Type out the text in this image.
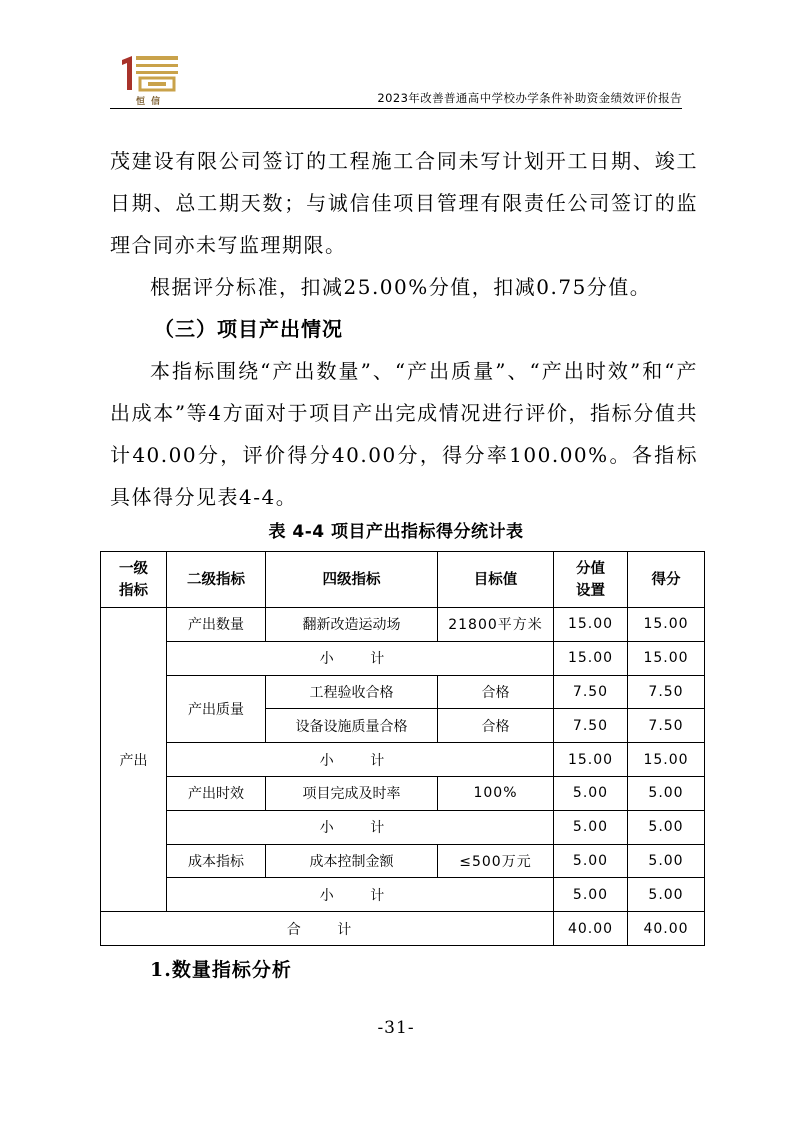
恒信	2023年改善普通高中学校办学条件补助资金绩效评价报告

茂建设有限公司签订的工程施工合同未写计划开工日期、竣工日期、总工期天数；与诚信佳项目管理有限责任公司签订的监理合同亦未写监理期限。

根据评分标准，扣减25.00%分值，扣减0.75分值。

（三）项目产出情况

本指标围绕“产出数量”、“产出质量”、“产出时效”和“产出成本”等4方面对于项目产出完成情况进行评价，指标分值共计40.00分，评价得分40.00分，得分率100.00%。各指标具体得分见表4-4。

表 4-4 项目产出指标得分统计表
一级指标	二级指标	四级指标	目标值	分值设置	得分
产出	产出数量	翻新改造运动场	21800平方米	15.00	15.00
	小 计			15.00	15.00
	产出质量	工程验收合格	合格	7.50	7.50
		设备设施质量合格	合格	7.50	7.50
	小 计			15.00	15.00
	产出时效	项目完成及时率	100%	5.00	5.00
	小 计			5.00	5.00
	成本指标	成本控制金额	≤500万元	5.00	5.00
	小 计			5.00	5.00
合 计				40.00	40.00
1.数量指标分析
-31-
